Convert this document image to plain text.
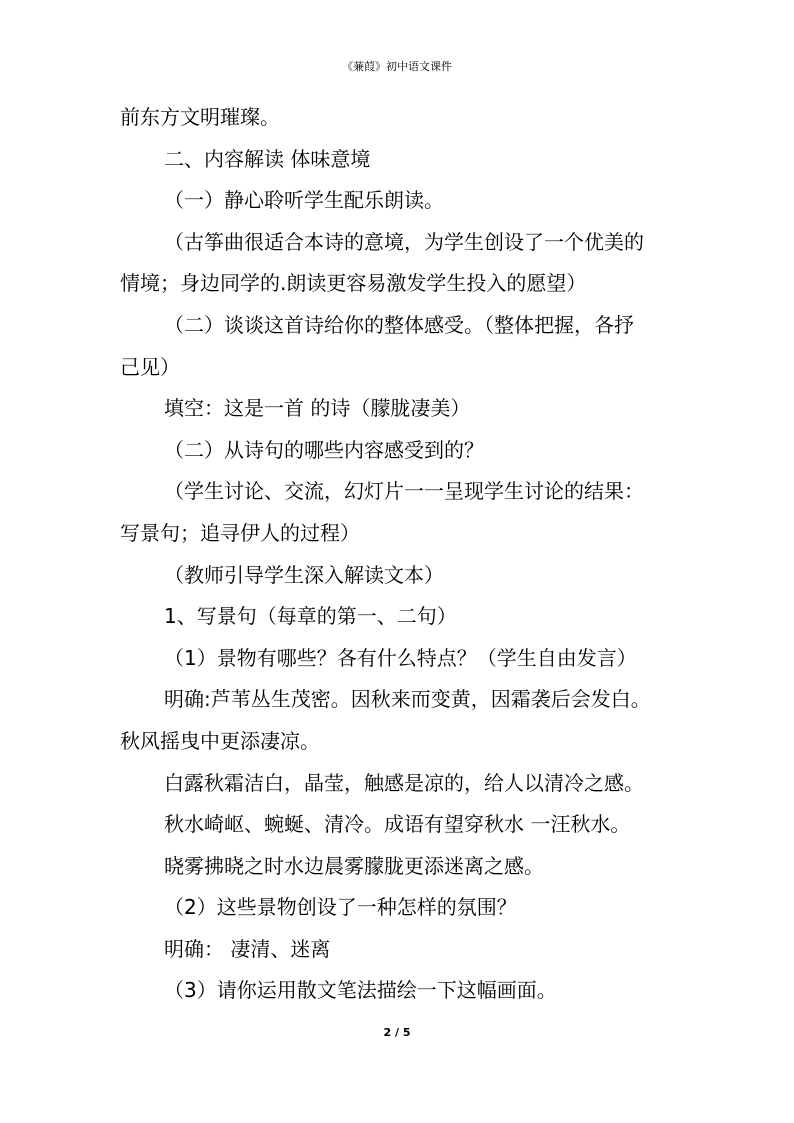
《蒹葭》初中语文课件
前东方文明璀璨。
二、内容解读 体味意境
（一）静心聆听学生配乐朗读。
（古筝曲很适合本诗的意境，为学生创设了一个优美的
情境；身边同学的.朗读更容易激发学生投入的愿望）
（二）谈谈这首诗给你的整体感受。（整体把握，各抒
己见）
填空：这是一首 的诗（朦胧凄美）
（二）从诗句的哪些内容感受到的？
（学生讨论、交流，幻灯片一一呈现学生讨论的结果：
写景句；追寻伊人的过程）
（教师引导学生深入解读文本）
1、写景句（每章的第一、二句）
（1）景物有哪些？各有什么特点？（学生自由发言）
明确:芦苇丛生茂密。因秋来而变黄，因霜袭后会发白。
秋风摇曳中更添凄凉。
白露秋霜洁白，晶莹，触感是凉的，给人以清冷之感。
秋水崎岖、蜿蜒、清冷。成语有望穿秋水 一汪秋水。
晓雾拂晓之时水边晨雾朦胧更添迷离之感。
（2）这些景物创设了一种怎样的氛围？
明确： 凄清、迷离
（3）请你运用散文笔法描绘一下这幅画面。
2 / 5
